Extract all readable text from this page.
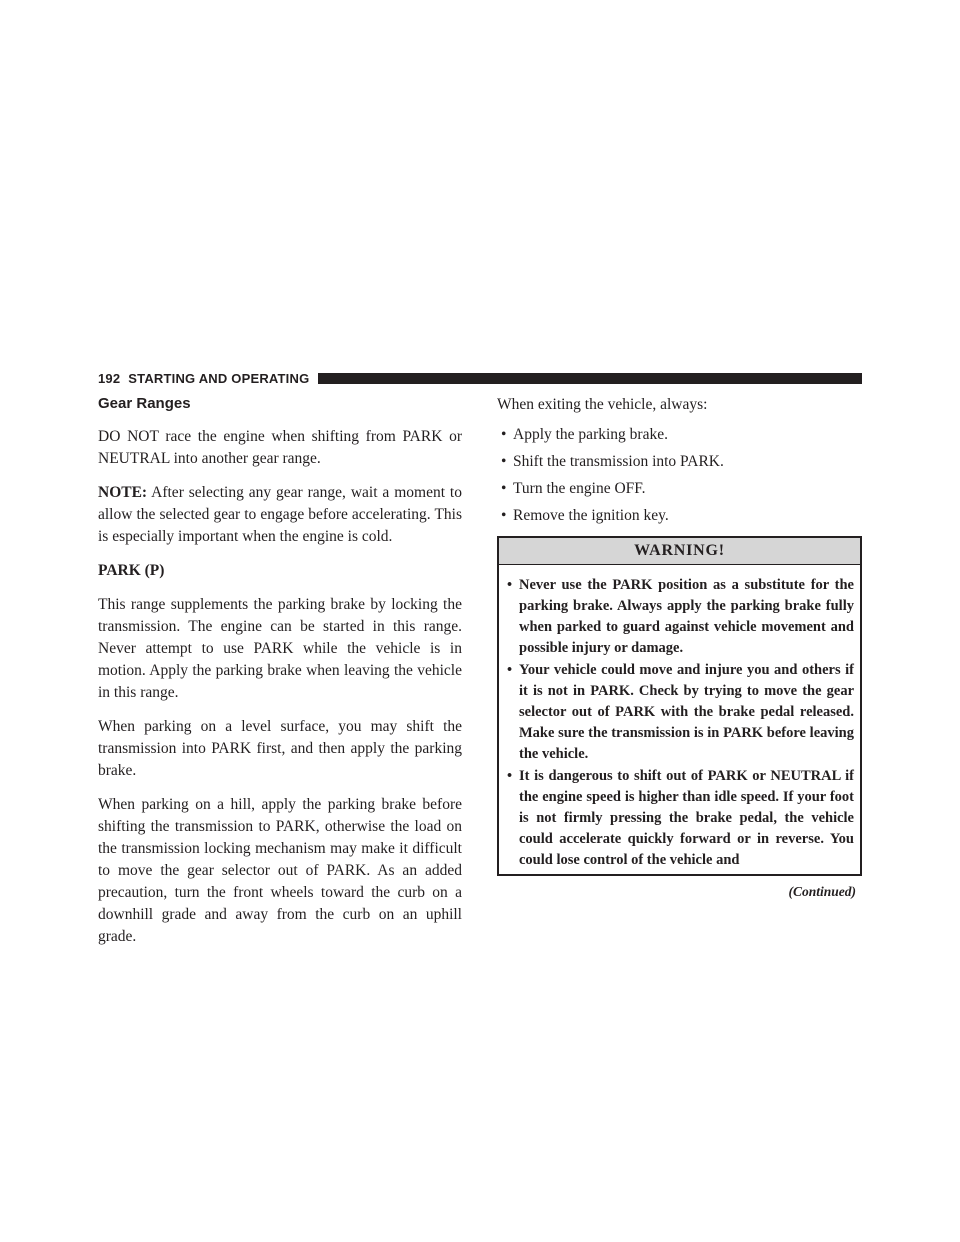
192 STARTING AND OPERATING
Gear Ranges

DO NOT race the engine when shifting from PARK or NEUTRAL into another gear range.

NOTE: After selecting any gear range, wait a moment to allow the selected gear to engage before accelerating. This is especially important when the engine is cold.

PARK (P)

This range supplements the parking brake by locking the transmission. The engine can be started in this range. Never attempt to use PARK while the vehicle is in motion. Apply the parking brake when leaving the vehicle in this range.

When parking on a level surface, you may shift the transmission into PARK first, and then apply the parking brake.

When parking on a hill, apply the parking brake before shifting the transmission to PARK, otherwise the load on the transmission locking mechanism may make it difficult to move the gear selector out of PARK. As an added precaution, turn the front wheels toward the curb on a downhill grade and away from the curb on an uphill grade.

When exiting the vehicle, always:

• Apply the parking brake.
• Shift the transmission into PARK.
• Turn the engine OFF.
• Remove the ignition key.
WARNING!
• Never use the PARK position as a substitute for the parking brake. Always apply the parking brake fully when parked to guard against vehicle movement and possible injury or damage.
• Your vehicle could move and injure you and others if it is not in PARK. Check by trying to move the gear selector out of PARK with the brake pedal released. Make sure the transmission is in PARK before leaving the vehicle.
• It is dangerous to shift out of PARK or NEUTRAL if the engine speed is higher than idle speed. If your foot is not firmly pressing the brake pedal, the vehicle could accelerate quickly forward or in reverse. You could lose control of the vehicle and
(Continued)
